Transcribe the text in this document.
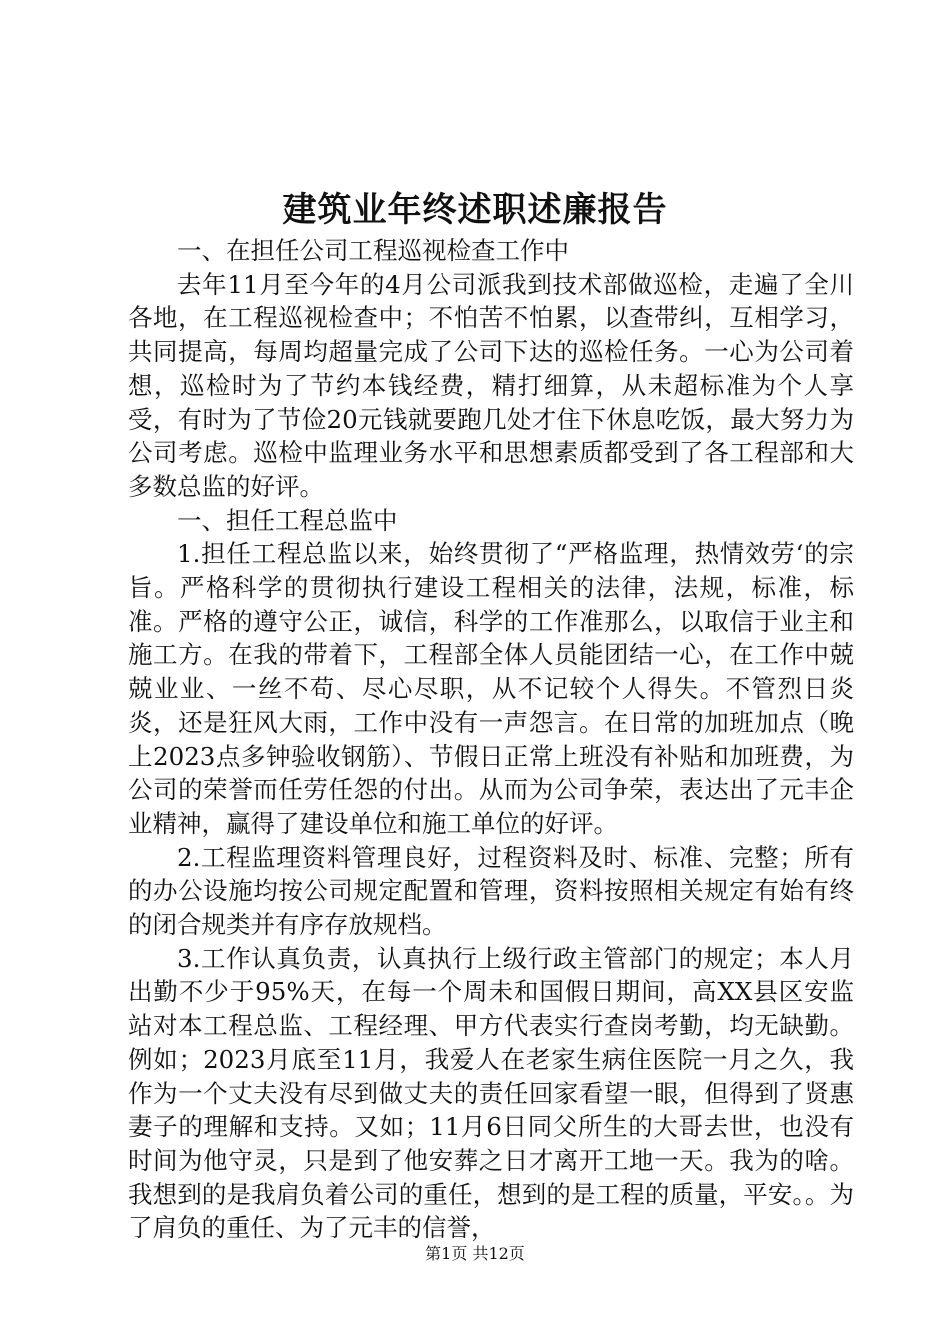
建筑业年终述职述廉报告

一、在担任公司工程巡视检查工作中

去年11月至今年的4月公司派我到技术部做巡检，走遍了全川各地，在工程巡视检查中；不怕苦不怕累，以查带纠，互相学习，共同提高，每周均超量完成了公司下达的巡检任务。一心为公司着想，巡检时为了节约本钱经费，精打细算，从未超标准为个人享受，有时为了节俭20元钱就要跑几处才住下休息吃饭，最大努力为公司考虑。巡检中监理业务水平和思想素质都受到了各工程部和大多数总监的好评。

一、担任工程总监中

1.担任工程总监以来，始终贯彻了“严格监理，热情效劳‘的宗旨。严格科学的贯彻执行建设工程相关的法律，法规，标准，标准。严格的遵守公正，诚信，科学的工作准那么，以取信于业主和施工方。在我的带着下，工程部全体人员能团结一心，在工作中兢兢业业、一丝不苟、尽心尽职，从不记较个人得失。不管烈日炎炎，还是狂风大雨，工作中没有一声怨言。在日常的加班加点（晚上2023点多钟验收钢筋）、节假日正常上班没有补贴和加班费，为公司的荣誉而任劳任怨的付出。从而为公司争荣，表达出了元丰企业精神，赢得了建设单位和施工单位的好评。

2.工程监理资料管理良好，过程资料及时、标准、完整；所有的办公设施均按公司规定配置和管理，资料按照相关规定有始有终的闭合规类并有序存放规档。

3.工作认真负责，认真执行上级行政主管部门的规定；本人月出勤不少于95%天，在每一个周未和国假日期间，高XX县区安监站对本工程总监、工程经理、甲方代表实行查岗考勤，均无缺勤。例如；2023月底至11月，我爱人在老家生病住医院一月之久，我作为一个丈夫没有尽到做丈夫的责任回家看望一眼，但得到了贤惠妻子的理解和支持。又如；11月6日同父所生的大哥去世，也没有时间为他守灵，只是到了他安葬之日才离开工地一天。我为的啥。我想到的是我肩负着公司的重任，想到的是工程的质量，平安。。为了肩负的重任、为了元丰的信誉，

第1页 共12页
